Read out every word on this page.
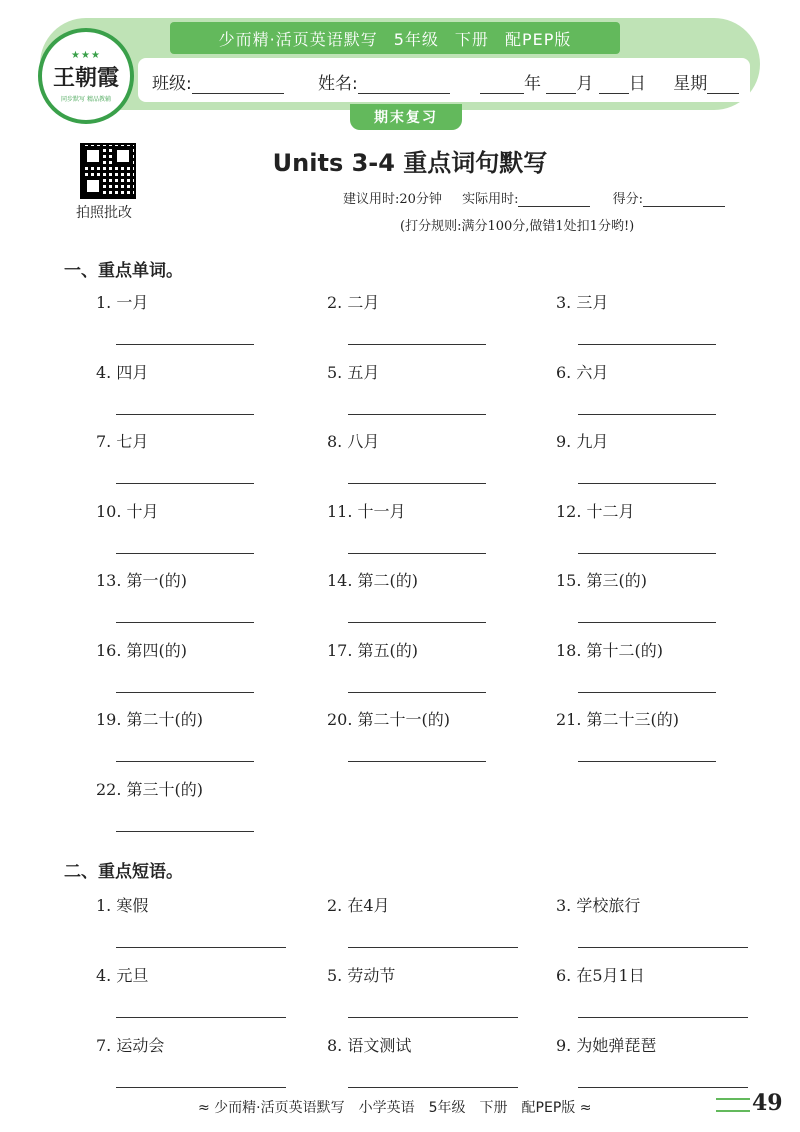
少而精·活页英语默写 5年级 下册 配PEP版
★★★
王朝霞
同步默写 精品教辅
班级:	姓名:	年 月 日 星期
期末复习
拍照批改
Units 3-4 重点词句默写
建议用时:20分钟 实际用时:	得分:
(打分规则:满分100分,做错1处扣1分哟!)
一、重点单词。
1. 一月	2. 二月	3. 三月
4. 四月	5. 五月	6. 六月
7. 七月	8. 八月	9. 九月
10. 十月	11. 十一月	12. 十二月
13. 第一(的)	14. 第二(的)	15. 第三(的)
16. 第四(的)	17. 第五(的)	18. 第十二(的)
19. 第二十(的)	20. 第二十一(的)	21. 第二十三(的)
22. 第三十(的)
二、重点短语。
1. 寒假	2. 在4月	3. 学校旅行
4. 元旦	5. 劳动节	6. 在5月1日
7. 运动会	8. 语文测试	9. 为她弹琵琶
≈ 少而精·活页英语默写　小学英语　5年级　下册　配PEP版 ≈	49
